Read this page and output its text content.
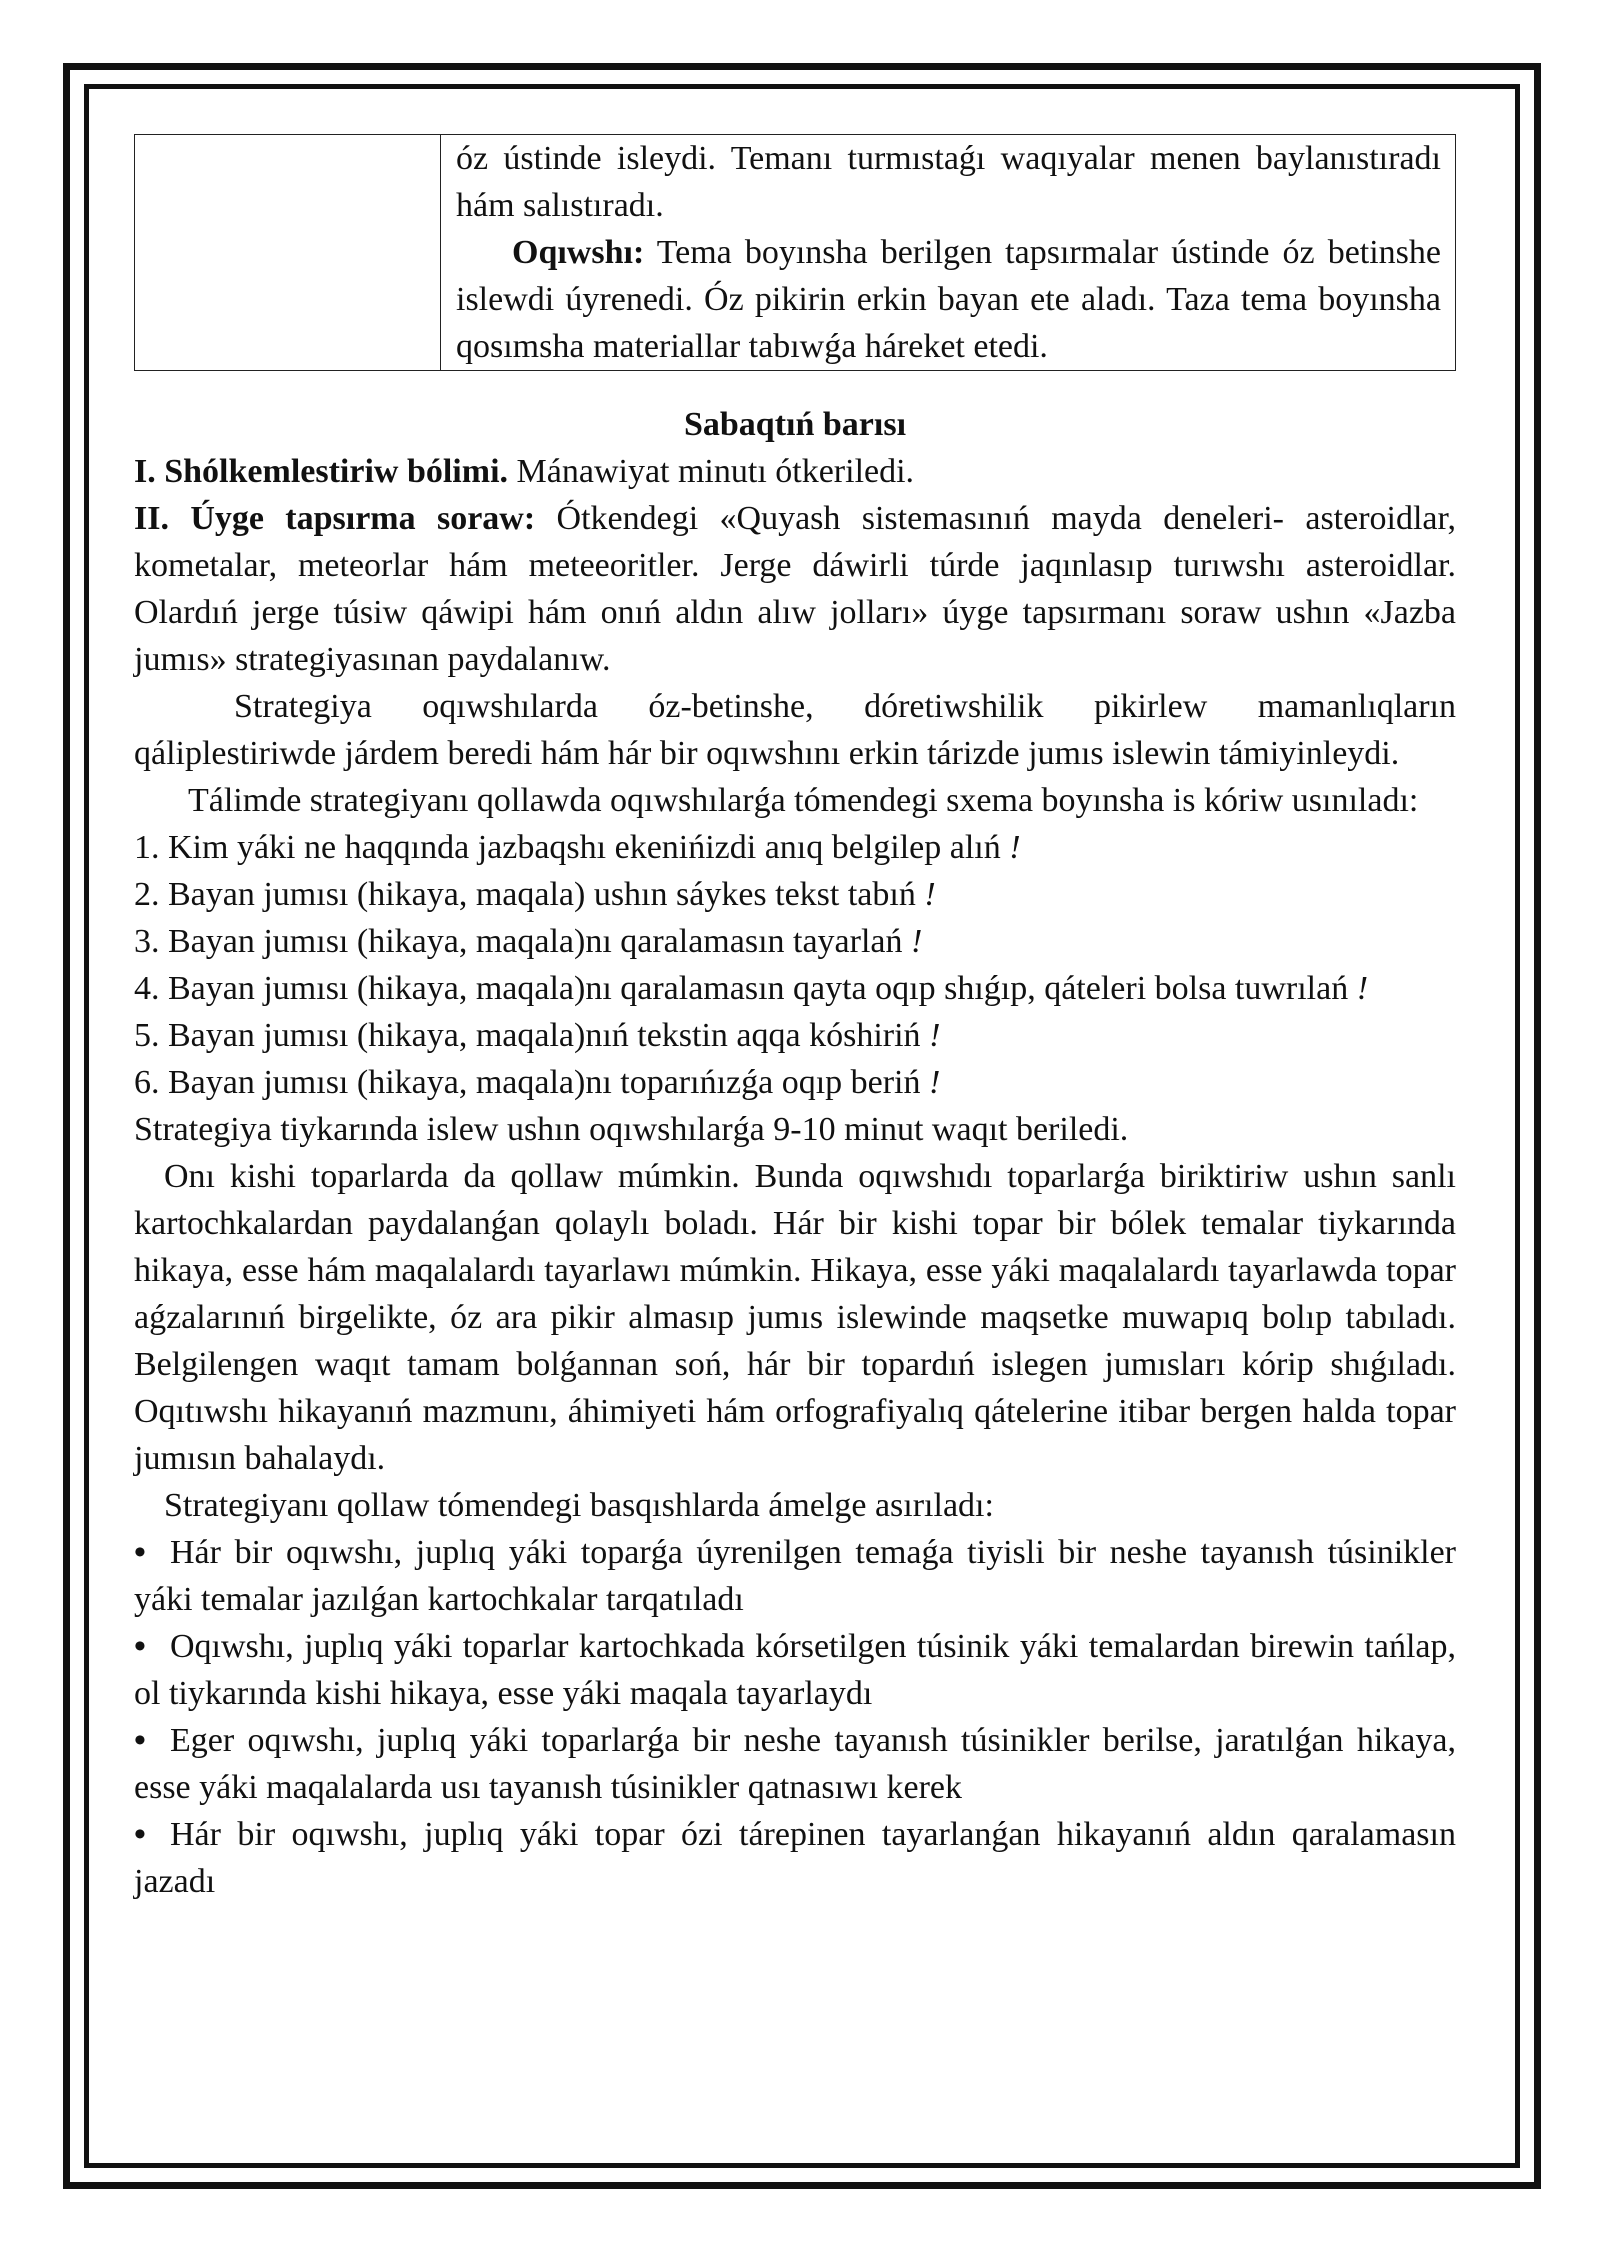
óz ústinde isleydi. Temanı turmıstaǵı waqıyalar menen baylanıstıradı hám salıstıradı.

Oqıwshı: Tema boyınsha berilgen tapsırmalar ústinde óz betinshe islewdi úyrenedi. Óz pikirin erkin bayan ete aladı. Taza tema boyınsha qosımsha materiallar tabıwǵa háreket etedi.

Sabaqtıń barısı

I. Shólkemlestiriw bólimi. Mánawiyat minutı ótkeriledi.

II. Úyge tapsırma soraw: Ótkendegi «Quyash sistemasınıń mayda deneleri- asteroidlar, kometalar, meteorlar hám meteeoritler. Jerge dáwirli túrde jaqınlasıp turıwshı asteroidlar. Olardıń jerge túsiw qáwipi hám onıń aldın alıw jolları» úyge tapsırmanı soraw ushın «Jazba jumıs» strategiyasınan paydalanıw.

Strategiya oqıwshılarda óz-betinshe, dóretiwshilik pikirlew mamanlıqların qáliplestiriwde járdem beredi hám hár bir oqıwshını erkin tárizde jumıs islewin támiyinleydi.

Tálimde strategiyanı qollawda oqıwshılarǵa tómendegi sxema boyınsha is kóriw usınıladı:

1. Kim yáki ne haqqında jazbaqshı ekenińizdi anıq belgilep alıń !

2. Bayan jumısı (hikaya, maqala) ushın sáykes tekst tabıń !

3. Bayan jumısı (hikaya, maqala)nı qaralamasın tayarlań !

4. Bayan jumısı (hikaya, maqala)nı qaralamasın qayta oqıp shıǵıp, qáteleri bolsa tuwrılań !

5. Bayan jumısı (hikaya, maqala)nıń tekstin aqqa kóshiriń !

6. Bayan jumısı (hikaya, maqala)nı toparıńızǵa oqıp beriń !

Strategiya tiykarında islew ushın oqıwshılarǵa 9-10 minut waqıt beriledi.

Onı kishi toparlarda da qollaw múmkin. Bunda oqıwshıdı toparlarǵa biriktiriw ushın sanlı kartochkalardan paydalanǵan qolaylı boladı. Hár bir kishi topar bir bólek temalar tiykarında hikaya, esse hám maqalalardı tayarlawı múmkin. Hikaya, esse yáki maqalalardı tayarlawda topar aǵzalarınıń birgelikte, óz ara pikir almasıp jumıs islewinde maqsetke muwapıq bolıp tabıladı. Belgilengen waqıt tamam bolǵannan soń, hár bir topardıń islegen jumısları kórip shıǵıladı. Oqıtıwshı hikayanıń mazmunı, áhimiyeti hám orfografiyalıq qátelerine itibar bergen halda topar jumısın bahalaydı.

Strategiyanı qollaw tómendegi basqıshlarda ámelge asırıladı:

• Hár bir oqıwshı, juplıq yáki toparǵa úyrenilgen temaǵa tiyisli bir neshe tayanısh túsinikler yáki temalar jazılǵan kartochkalar tarqatıladı

• Oqıwshı, juplıq yáki toparlar kartochkada kórsetilgen túsinik yáki temalardan birewin tańlap, ol tiykarında kishi hikaya, esse yáki maqala tayarlaydı

• Eger oqıwshı, juplıq yáki toparlarǵa bir neshe tayanısh túsinikler berilse, jaratılǵan hikaya, esse yáki maqalalarda usı tayanısh túsinikler qatnasıwı kerek

• Hár bir oqıwshı, juplıq yáki topar ózi tárepinen tayarlanǵan hikayanıń aldın qaralamasın jazadı
